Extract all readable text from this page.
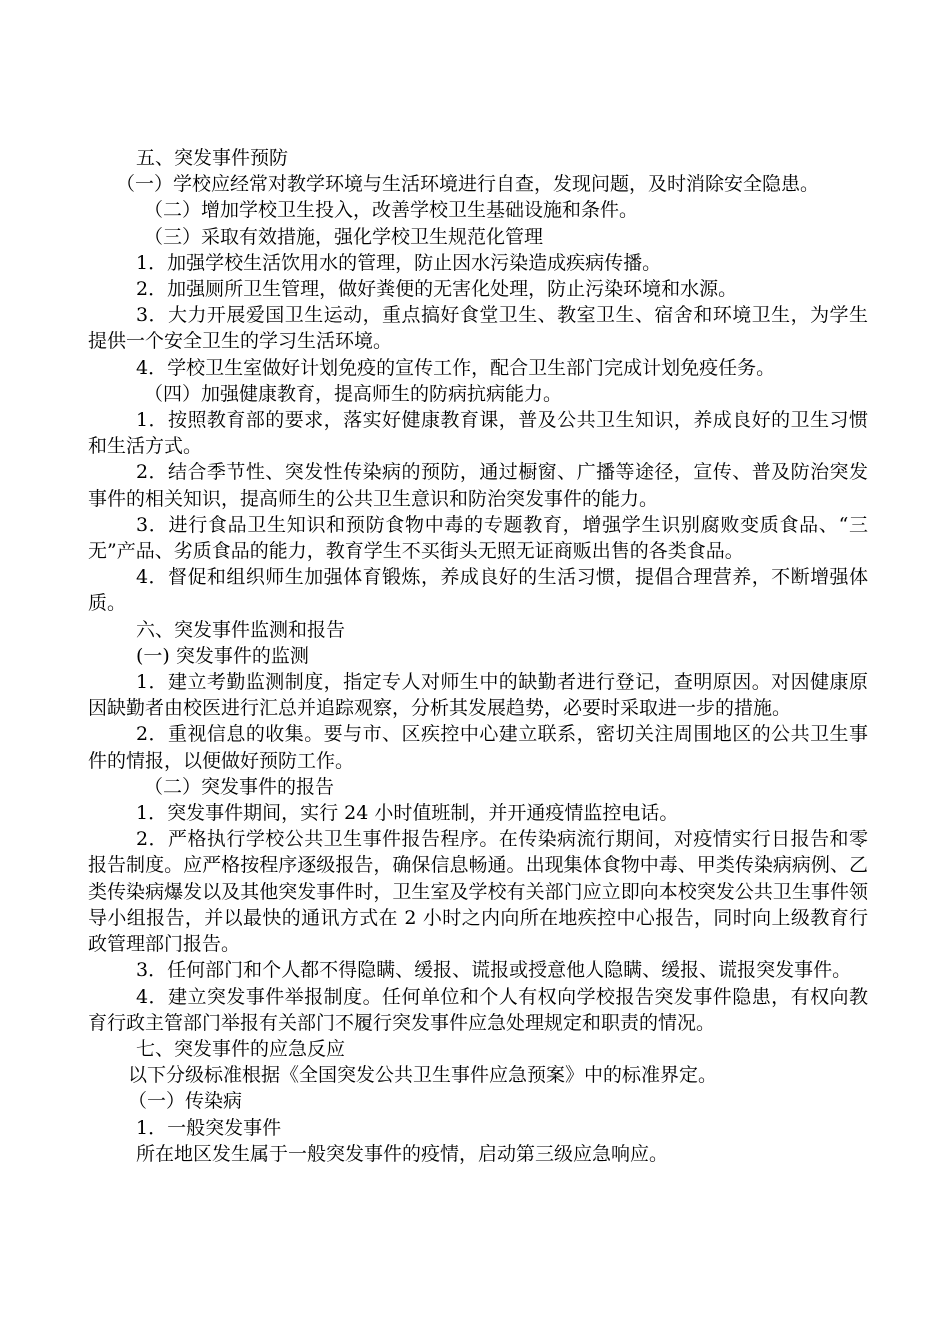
五、突发事件预防

（一）学校应经常对教学环境与生活环境进行自查，发现问题，及时消除安全隐患。

（二）增加学校卫生投入，改善学校卫生基础设施和条件。

（三）采取有效措施，强化学校卫生规范化管理

1．加强学校生活饮用水的管理，防止因水污染造成疾病传播。

2．加强厕所卫生管理，做好粪便的无害化处理，防止污染环境和水源。

3．大力开展爱国卫生运动，重点搞好食堂卫生、教室卫生、宿舍和环境卫生，为学生提供一个安全卫生的学习生活环境。

4．学校卫生室做好计划免疫的宣传工作，配合卫生部门完成计划免疫任务。

（四）加强健康教育，提高师生的防病抗病能力。

1．按照教育部的要求，落实好健康教育课，普及公共卫生知识，养成良好的卫生习惯和生活方式。

2．结合季节性、突发性传染病的预防，通过橱窗、广播等途径，宣传、普及防治突发事件的相关知识，提高师生的公共卫生意识和防治突发事件的能力。

3．进行食品卫生知识和预防食物中毒的专题教育，增强学生识别腐败变质食品、“三无”产品、劣质食品的能力，教育学生不买街头无照无证商贩出售的各类食品。

4．督促和组织师生加强体育锻炼，养成良好的生活习惯，提倡合理营养，不断增强体质。

六、突发事件监测和报告

(一) 突发事件的监测

1．建立考勤监测制度，指定专人对师生中的缺勤者进行登记，查明原因。对因健康原因缺勤者由校医进行汇总并追踪观察，分析其发展趋势，必要时采取进一步的措施。

2．重视信息的收集。要与市、区疾控中心建立联系，密切关注周围地区的公共卫生事件的情报，以便做好预防工作。

（二）突发事件的报告

1．突发事件期间，实行 24 小时值班制，并开通疫情监控电话。

2．严格执行学校公共卫生事件报告程序。在传染病流行期间，对疫情实行日报告和零报告制度。应严格按程序逐级报告，确保信息畅通。出现集体食物中毒、甲类传染病病例、乙类传染病爆发以及其他突发事件时，卫生室及学校有关部门应立即向本校突发公共卫生事件领导小组报告，并以最快的通讯方式在 2 小时之内向所在地疾控中心报告，同时向上级教育行政管理部门报告。

3．任何部门和个人都不得隐瞒、缓报、谎报或授意他人隐瞒、缓报、谎报突发事件。

4．建立突发事件举报制度。任何单位和个人有权向学校报告突发事件隐患，有权向教育行政主管部门举报有关部门不履行突发事件应急处理规定和职责的情况。

七、突发事件的应急反应

以下分级标准根据《全国突发公共卫生事件应急预案》中的标准界定。

（一）传染病

1．一般突发事件

所在地区发生属于一般突发事件的疫情，启动第三级应急响应。
